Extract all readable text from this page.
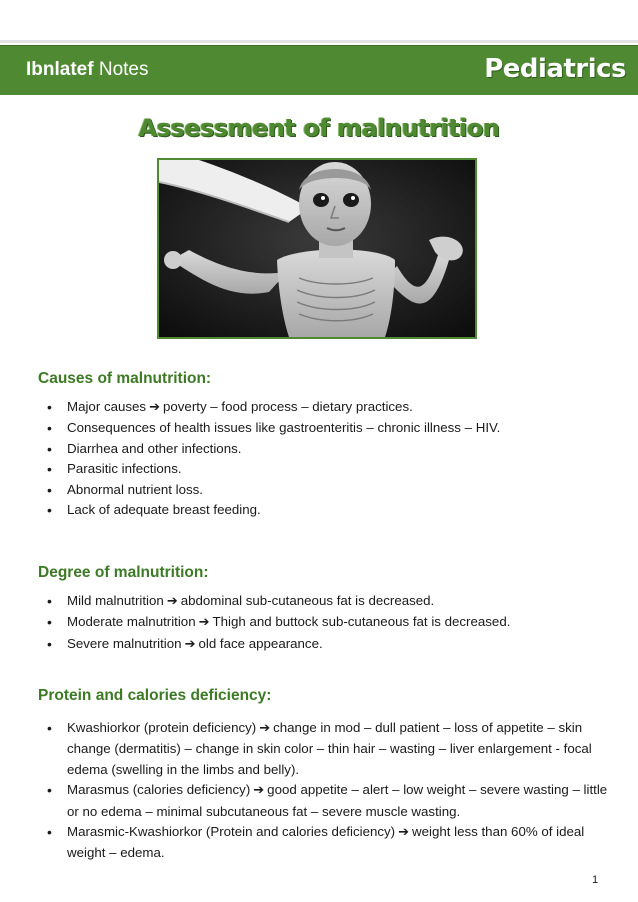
Ibnlatef Notes	Pediatrics
Assessment of malnutrition
Causes of malnutrition:
• Major causes ➔ poverty – food process – dietary practices.
• Consequences of health issues like gastroenteritis – chronic illness – HIV.
• Diarrhea and other infections.
• Parasitic infections.
• Abnormal nutrient loss.
• Lack of adequate breast feeding.
Degree of malnutrition:
• Mild malnutrition ➔ abdominal sub-cutaneous fat is decreased.
• Moderate malnutrition ➔ Thigh and buttock sub-cutaneous fat is decreased.
• Severe malnutrition ➔ old face appearance.
Protein and calories deficiency:
• Kwashiorkor (protein deficiency) ➔ change in mod – dull patient – loss of appetite – skin change (dermatitis) – change in skin color – thin hair – wasting – liver enlargement - focal edema (swelling in the limbs and belly).
• Marasmus (calories deficiency) ➔ good appetite – alert – low weight – severe wasting – little or no edema – minimal subcutaneous fat – severe muscle wasting.
• Marasmic-Kwashiorkor (Protein and calories deficiency) ➔ weight less than 60% of ideal weight – edema.
1
